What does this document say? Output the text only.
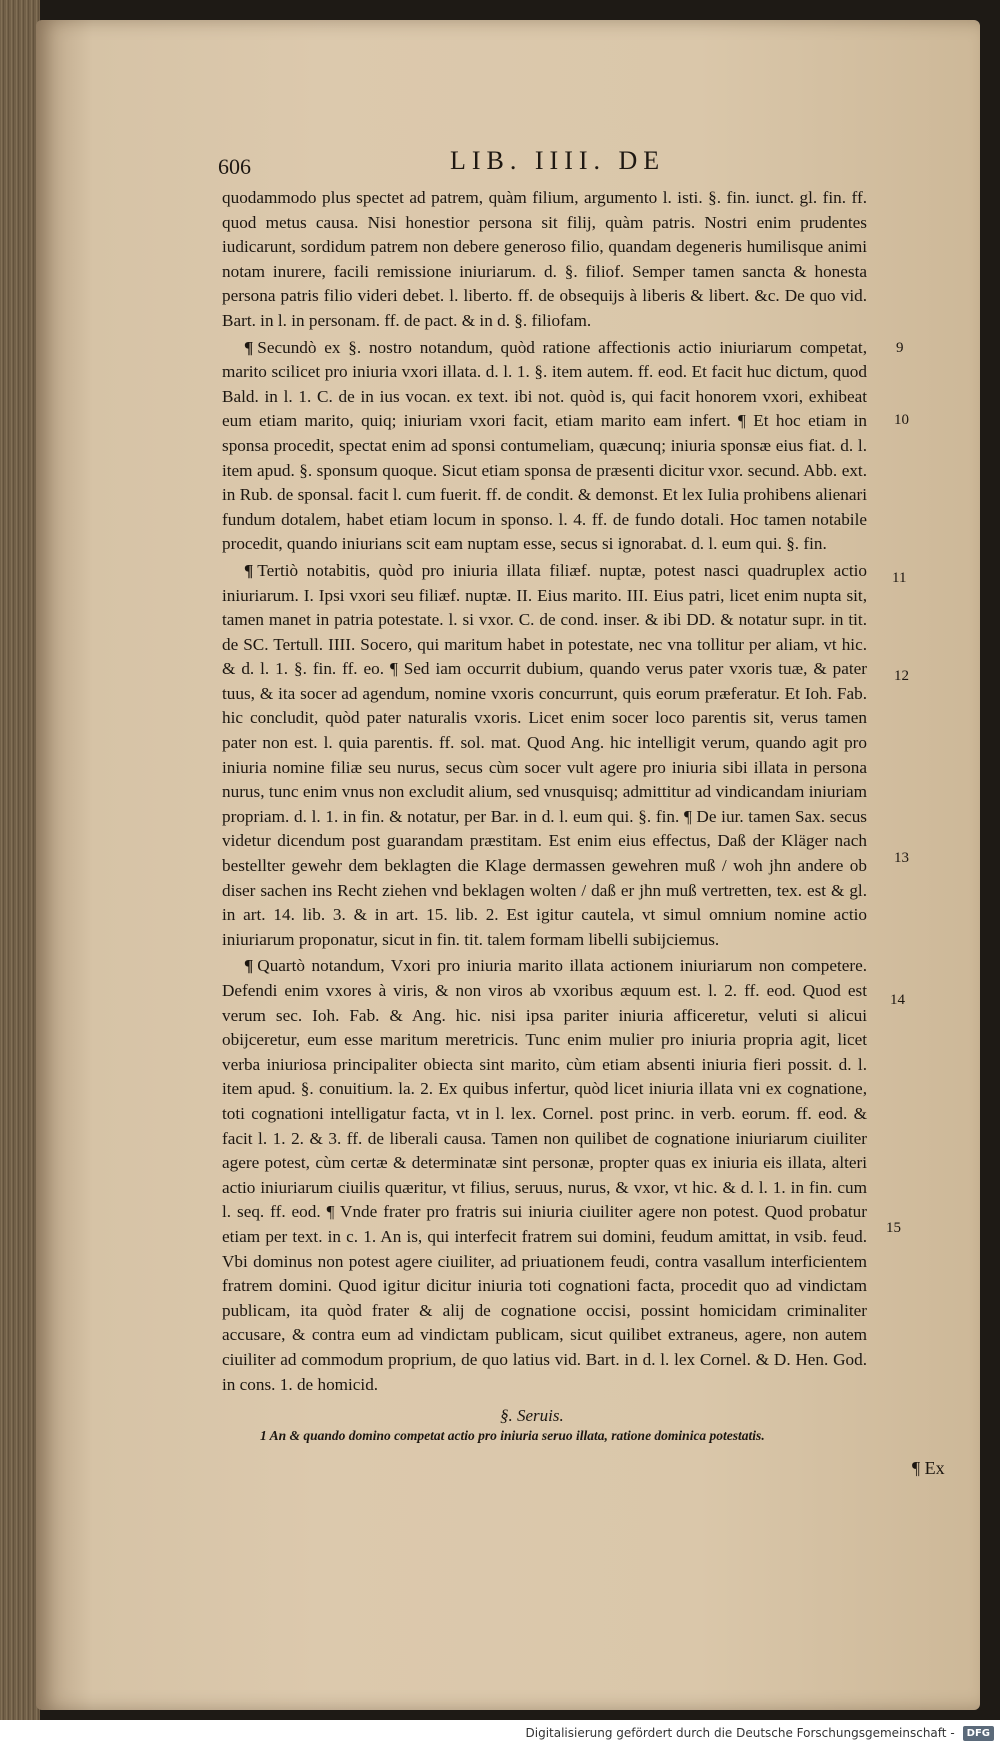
606	LIB. IIII. DE

quodammodo plus spectet ad patrem, quàm filium, argumento l. isti. §. fin. iunct. gl. fin. ff. quod metus causa. Nisi honestior persona sit filij, quàm patris. Nostri enim prudentes iudicarunt, sordidum patrem non debere generoso filio, quandam degeneris humilisque animi notam inurere, facili remissione iniuriarum. d. §. filiof. Semper tamen sancta & honesta persona patris filio videri debet. l. liberto. ff. de obsequijs à liberis & libert. &c. De quo vid. Bart. in l. in personam. ff. de pact. & in d. §. filiofam.

¶ Secundò ex §. nostro notandum, quòd ratione affectionis actio iniuriarum competat, marito scilicet pro iniuria vxori illata. d. l. 1. §. item autem. ff. eod. Et facit huc dictum, quod Bald. in l. 1. C. de in ius vocan. ex text. ibi not. quòd is, qui facit honorem vxori, exhibeat eum etiam marito, quiq; iniuriam vxori facit, etiam marito eam infert. ¶ Et hoc etiam in sponsa procedit, spectat enim ad sponsi contumeliam, quæcunq; iniuria sponsæ eius fiat. d. l. item apud. §. sponsum quoque. Sicut etiam sponsa de præsenti dicitur vxor. secund. Abb. ext. in Rub. de sponsal. facit l. cum fuerit. ff. de condit. & demonst. Et lex Iulia prohibens alienari fundum dotalem, habet etiam locum in sponso. l. 4. ff. de fundo dotali. Hoc tamen notabile procedit, quando iniurians scit eam nuptam esse, secus si ignorabat. d. l. eum qui. §. fin.

¶ Tertiò notabitis, quòd pro iniuria illata filiæf. nuptæ, potest nasci quadruplex actio iniuriarum. I. Ipsi vxori seu filiæf. nuptæ. II. Eius marito. III. Eius patri, licet enim nupta sit, tamen manet in patria potestate. l. si vxor. C. de cond. inser. & ibi DD. & notatur supr. in tit. de SC. Tertull. IIII. Socero, qui maritum habet in potestate, nec vna tollitur per aliam, vt hic. & d. l. 1. §. fin. ff. eo. ¶ Sed iam occurrit dubium, quando verus pater vxoris tuæ, & pater tuus, & ita socer ad agendum, nomine vxoris concurrunt, quis eorum præferatur. Et Ioh. Fab. hic concludit, quòd pater naturalis vxoris. Licet enim socer loco parentis sit, verus tamen pater non est. l. quia parentis. ff. sol. mat. Quod Ang. hic intelligit verum, quando agit pro iniuria nomine filiæ seu nurus, secus cùm socer vult agere pro iniuria sibi illata in persona nurus, tunc enim vnus non excludit alium, sed vnusquisq; admittitur ad vindicandam iniuriam propriam. d. l. 1. in fin. & notatur, per Bar. in d. l. eum qui. §. fin. ¶ De iur. tamen Sax. secus videtur dicendum post guarandam præstitam. Est enim eius effectus, Daß der Kläger nach bestellter gewehr dem beklagten die Klage dermassen gewehren muß / woh jhn andere ob diser sachen ins Recht ziehen vnd beklagen wolten / daß er jhn muß vertretten, tex. est & gl. in art. 14. lib. 3. & in art. 15. lib. 2. Est igitur cautela, vt simul omnium nomine actio iniuriarum proponatur, sicut in fin. tit. talem formam libelli subijciemus.

¶ Quartò notandum, Vxori pro iniuria marito illata actionem iniuriarum non competere. Defendi enim vxores à viris, & non viros ab vxoribus æquum est. l. 2. ff. eod. Quod est verum sec. Ioh. Fab. & Ang. hic. nisi ipsa pariter iniuria afficeretur, veluti si alicui obijceretur, eum esse maritum meretricis. Tunc enim mulier pro iniuria propria agit, licet verba iniuriosa principaliter obiecta sint marito, cùm etiam absenti iniuria fieri possit. d. l. item apud. §. conuitium. la. 2. Ex quibus infertur, quòd licet iniuria illata vni ex cognatione, toti cognationi intelligatur facta, vt in l. lex. Cornel. post princ. in verb. eorum. ff. eod. & facit l. 1. 2. & 3. ff. de liberali causa. Tamen non quilibet de cognatione iniuriarum ciuiliter agere potest, cùm certæ & determinatæ sint personæ, propter quas ex iniuria eis illata, alteri actio iniuriarum ciuilis quæritur, vt filius, seruus, nurus, & vxor, vt hic. & d. l. 1. in fin. cum l. seq. ff. eod. ¶ Vnde frater pro fratris sui iniuria ciuiliter agere non potest. Quod probatur etiam per text. in c. 1. An is, qui interfecit fratrem sui domini, feudum amittat, in vsib. feud. Vbi dominus non potest agere ciuiliter, ad priuationem feudi, contra vasallum interficientem fratrem domini. Quod igitur dicitur iniuria toti cognationi facta, procedit quo ad vindictam publicam, ita quòd frater & alij de cognatione occisi, possint homicidam criminaliter accusare, & contra eum ad vindictam publicam, sicut quilibet extraneus, agere, non autem ciuiliter ad commodum proprium, de quo latius vid. Bart. in d. l. lex Cornel. & D. Hen. God. in cons. 1. de homicid.

9
10
11
12
13
14
15
§. Seruis.
1 An & quando domino competat actio pro iniuria seruo illata, ratione dominica potestatis.
¶ Ex
Digitalisierung gefördert durch die Deutsche Forschungsgemeinschaft -	DFG
